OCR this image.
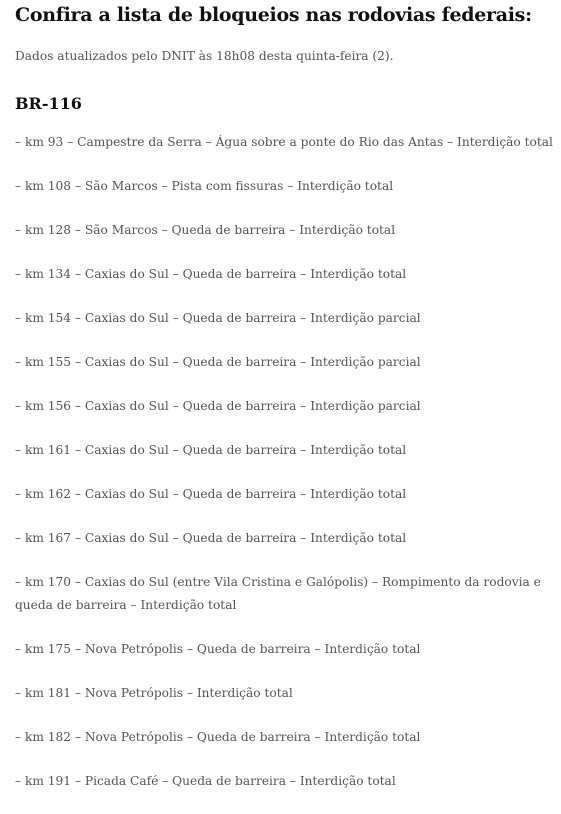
Confira a lista de bloqueios nas rodovias federais:

Dados atualizados pelo DNIT às 18h08 desta quinta-feira (2).

BR-116
– km 93 – Campestre da Serra – Água sobre a ponte do Rio das Antas – Interdição total
– km 108 – São Marcos – Pista com fissuras – Interdição total
– km 128 – São Marcos – Queda de barreira – Interdição total
– km 134 – Caxias do Sul – Queda de barreira – Interdição total
– km 154 – Caxias do Sul – Queda de barreira – Interdição parcial
– km 155 – Caxias do Sul – Queda de barreira – Interdição parcial
– km 156 – Caxias do Sul – Queda de barreira – Interdição parcial
– km 161 – Caxias do Sul – Queda de barreira – Interdição total
– km 162 – Caxias do Sul – Queda de barreira – Interdição total
– km 167 – Caxias do Sul – Queda de barreira – Interdição total
– km 170 – Caxias do Sul (entre Vila Cristina e Galópolis) – Rompimento da rodovia e queda de barreira – Interdição total
– km 175 – Nova Petrópolis – Queda de barreira – Interdição total
– km 181 – Nova Petrópolis – Interdição total
– km 182 – Nova Petrópolis – Queda de barreira – Interdição total
– km 191 – Picada Café – Queda de barreira – Interdição total
